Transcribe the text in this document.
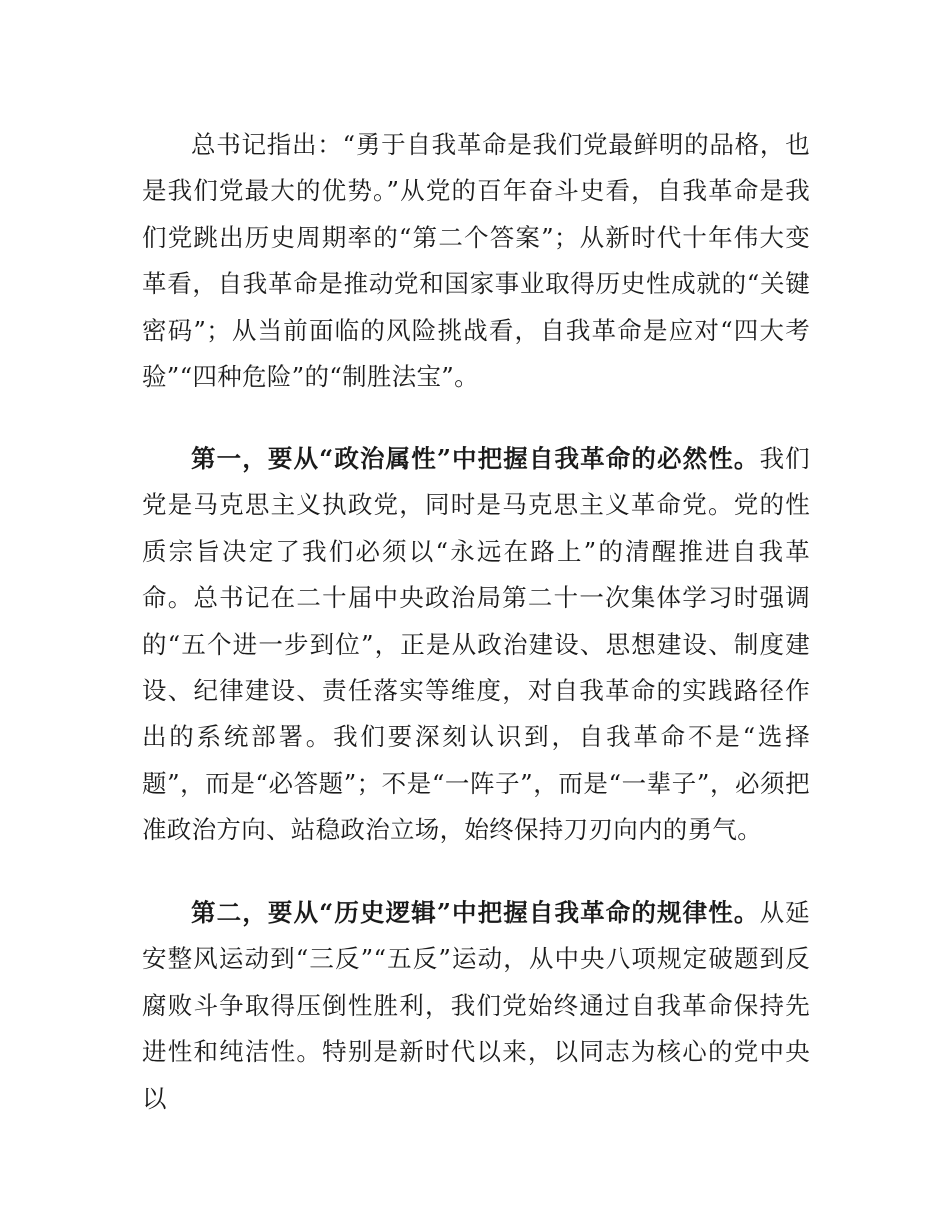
总书记指出：“勇于自我革命是我们党最鲜明的品格，也是我们党最大的优势。”从党的百年奋斗史看，自我革命是我们党跳出历史周期率的“第二个答案”；从新时代十年伟大变革看，自我革命是推动党和国家事业取得历史性成就的“关键密码”；从当前面临的风险挑战看，自我革命是应对“四大考验”“四种危险”的“制胜法宝”。

第一，要从“政治属性”中把握自我革命的必然性。我们党是马克思主义执政党，同时是马克思主义革命党。党的性质宗旨决定了我们必须以“永远在路上”的清醒推进自我革命。总书记在二十届中央政治局第二十一次集体学习时强调的“五个进一步到位”，正是从政治建设、思想建设、制度建设、纪律建设、责任落实等维度，对自我革命的实践路径作出的系统部署。我们要深刻认识到，自我革命不是“选择题”，而是“必答题”；不是“一阵子”，而是“一辈子”，必须把准政治方向、站稳政治立场，始终保持刀刃向内的勇气。

第二，要从“历史逻辑”中把握自我革命的规律性。从延安整风运动到“三反”“五反”运动，从中央八项规定破题到反腐败斗争取得压倒性胜利，我们党始终通过自我革命保持先进性和纯洁性。特别是新时代以来，以同志为核心的党中央以
